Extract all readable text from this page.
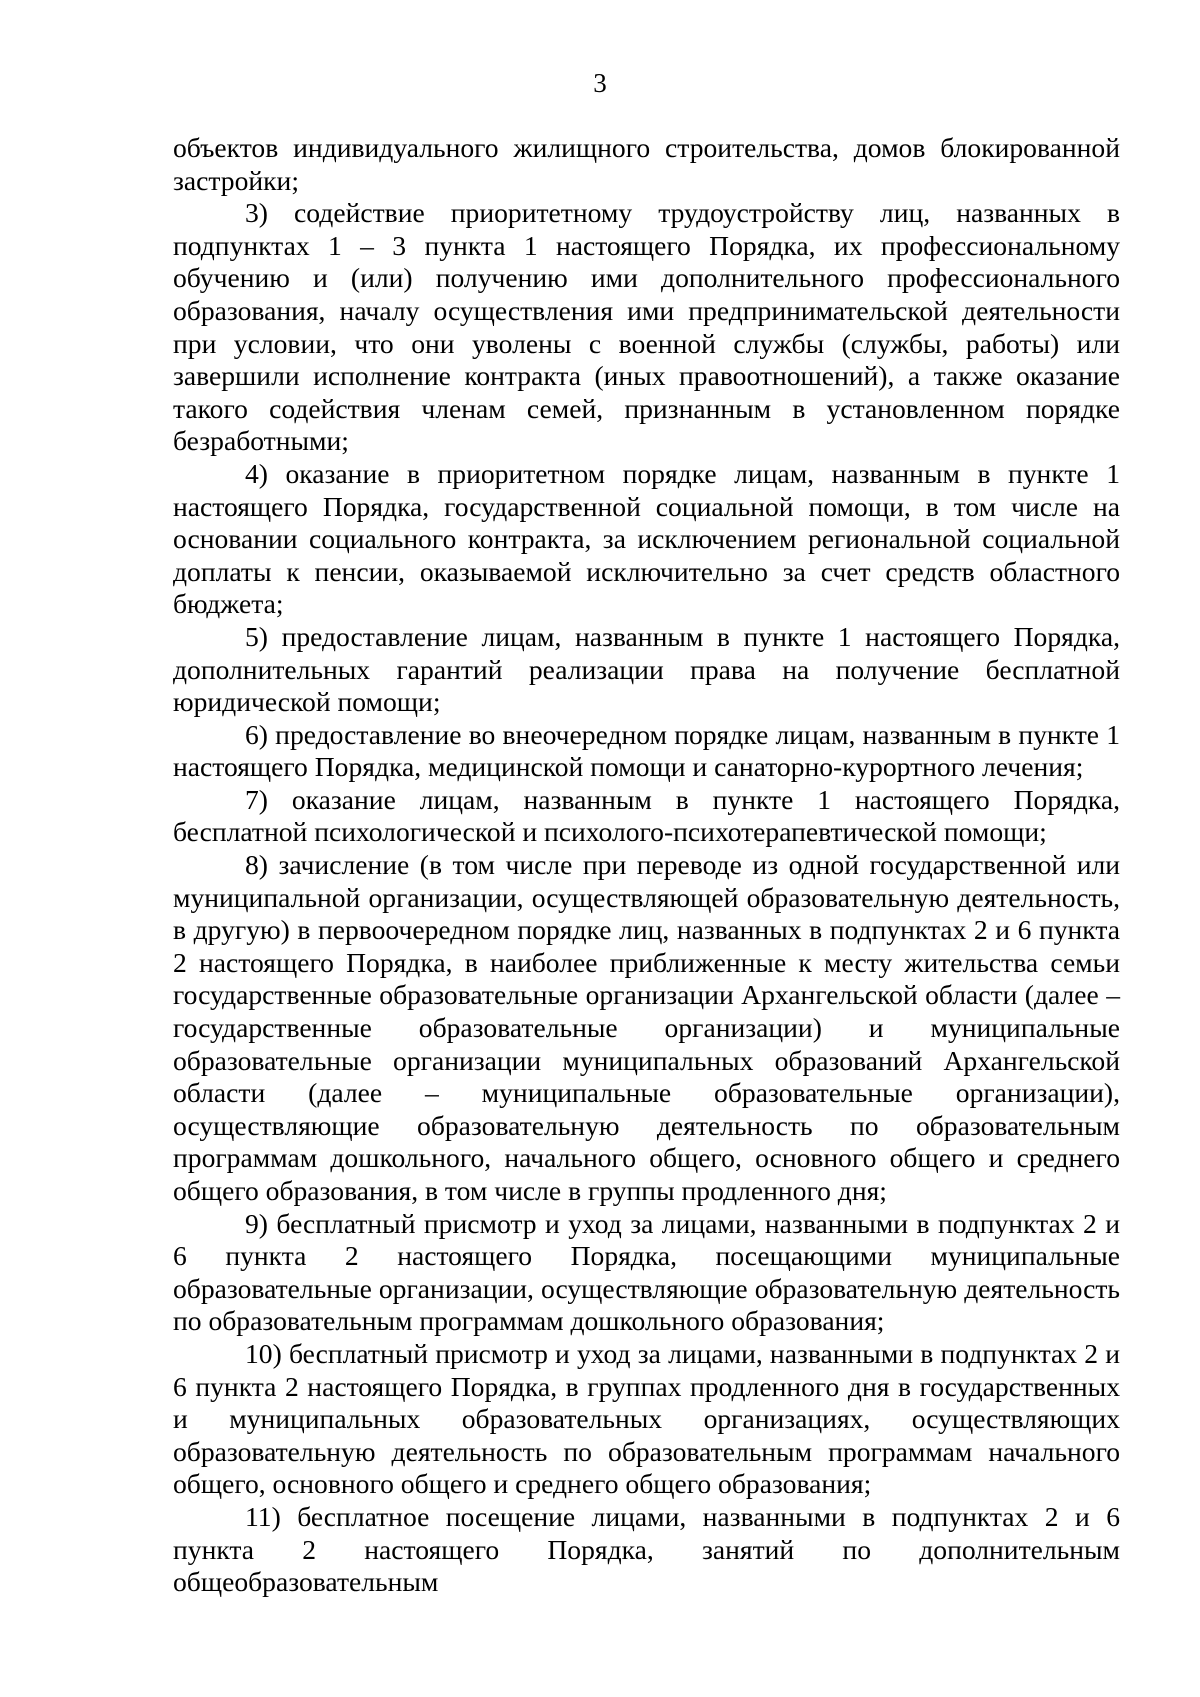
3

объектов индивидуального жилищного строительства, домов блокированной застройки;

3) содействие приоритетному трудоустройству лиц, названных в подпунктах 1 – 3 пункта 1 настоящего Порядка, их профессиональному обучению и (или) получению ими дополнительного профессионального образования, началу осуществления ими предпринимательской деятельности при условии, что они уволены с военной службы (службы, работы) или завершили исполнение контракта (иных правоотношений), а также оказание такого содействия членам семей, признанным в установленном порядке безработными;

4) оказание в приоритетном порядке лицам, названным в пункте 1 настоящего Порядка, государственной социальной помощи, в том числе на основании социального контракта, за исключением региональной социальной доплаты к пенсии, оказываемой исключительно за счет средств областного бюджета;

5) предоставление лицам, названным в пункте 1 настоящего Порядка, дополнительных гарантий реализации права на получение бесплатной юридической помощи;

6) предоставление во внеочередном порядке лицам, названным в пункте 1 настоящего Порядка, медицинской помощи и санаторно-курортного лечения;

7) оказание лицам, названным в пункте 1 настоящего Порядка, бесплатной психологической и психолого-психотерапевтической помощи;

8) зачисление (в том числе при переводе из одной государственной или муниципальной организации, осуществляющей образовательную деятельность, в другую) в первоочередном порядке лиц, названных в подпунктах 2 и 6 пункта 2 настоящего Порядка, в наиболее приближенные к месту жительства семьи государственные образовательные организации Архангельской области (далее – государственные образовательные организации) и муниципальные образовательные организации муниципальных образований Архангельской области (далее – муниципальные образовательные организации), осуществляющие образовательную деятельность по образовательным программам дошкольного, начального общего, основного общего и среднего общего образования, в том числе в группы продленного дня;

9) бесплатный присмотр и уход за лицами, названными в подпунктах 2 и 6 пункта 2 настоящего Порядка, посещающими муниципальные образовательные организации, осуществляющие образовательную деятельность по образовательным программам дошкольного образования;

10) бесплатный присмотр и уход за лицами, названными в подпунктах 2 и 6 пункта 2 настоящего Порядка, в группах продленного дня в государственных и муниципальных образовательных организациях, осуществляющих образовательную деятельность по образовательным программам начального общего, основного общего и среднего общего образования;

11) бесплатное посещение лицами, названными в подпунктах 2 и 6 пункта 2 настоящего Порядка, занятий по дополнительным общеобразовательным
